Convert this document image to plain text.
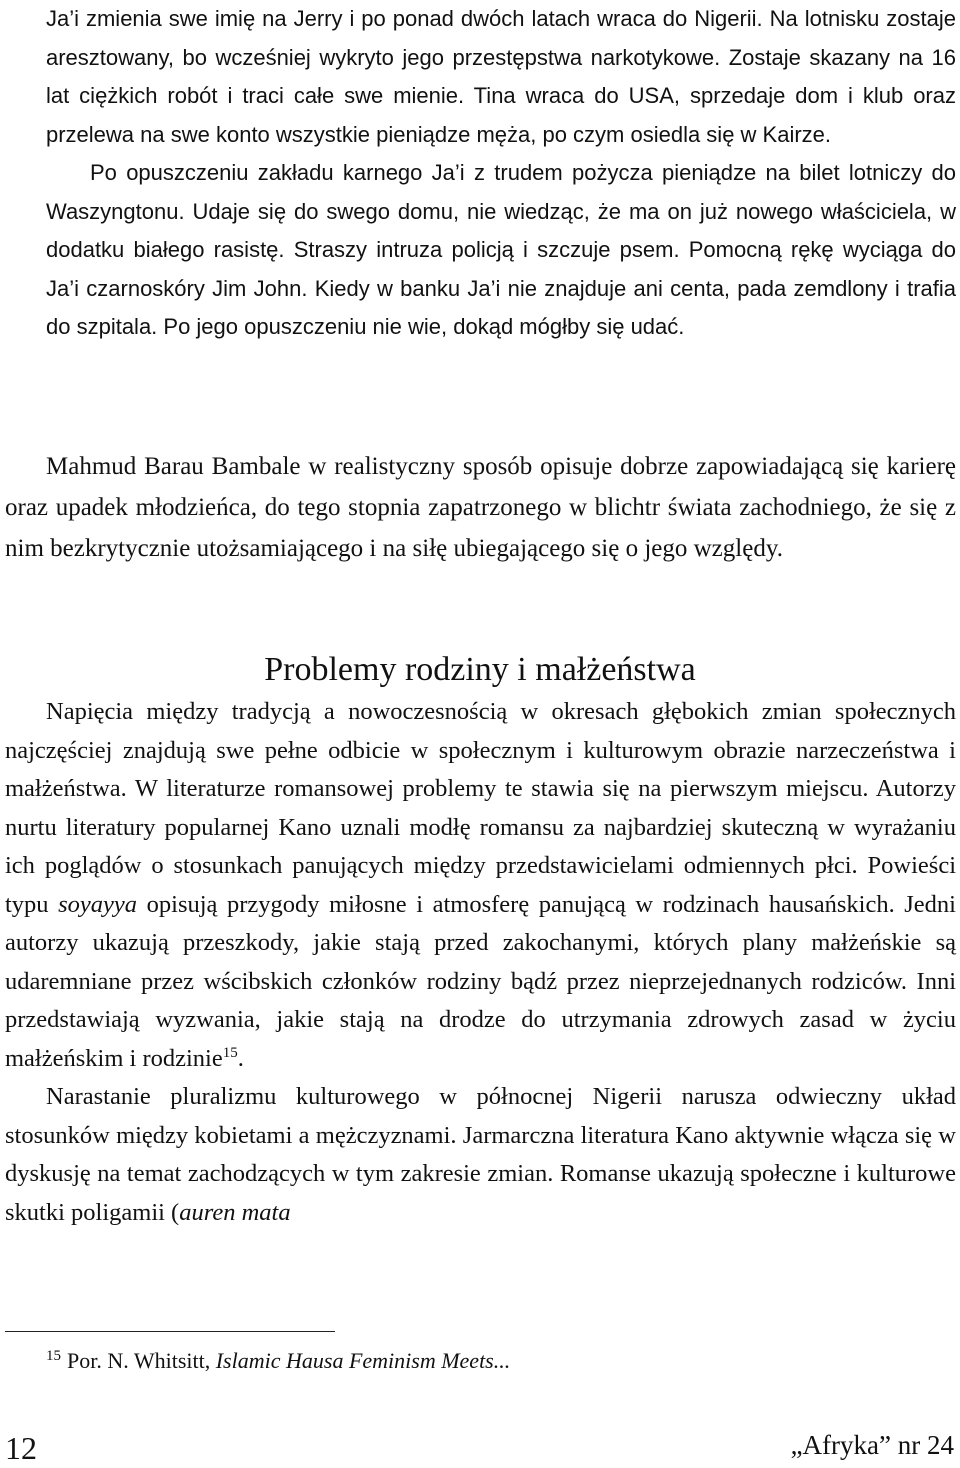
Ja’i zmienia swe imię na Jerry i po ponad dwóch latach wraca do Nigerii. Na lotnisku zostaje aresztowany, bo wcześniej wykryto jego przestępstwa narkotykowe. Zostaje skazany na 16 lat ciężkich robót i traci całe swe mienie. Tina wraca do USA, sprzedaje dom i klub oraz przelewa na swe konto wszystkie pieniądze męża, po czym osiedla się w Kairze.

Po opuszczeniu zakładu karnego Ja’i z trudem pożycza pieniądze na bilet lotniczy do Waszyngtonu. Udaje się do swego domu, nie wiedząc, że ma on już nowego właściciela, w dodatku białego rasistę. Straszy intruza policją i szczuje psem. Pomocną rękę wyciąga do Ja’i czarnoskóry Jim John. Kiedy w banku Ja’i nie znajduje ani centa, pada zemdlony i trafia do szpitala. Po jego opuszczeniu nie wie, dokąd mógłby się udać.

Mahmud Barau Bambale w realistyczny sposób opisuje dobrze zapowiadającą się karierę oraz upadek młodzieńca, do tego stopnia zapatrzonego w blichtr świata zachodniego, że się z nim bezkrytycznie utożsamiającego i na siłę ubiegającego się o jego względy.

Problemy rodziny i małżeństwa

Napięcia między tradycją a nowoczesnością w okresach głębokich zmian społecznych najczęściej znajdują swe pełne odbicie w społecznym i kulturowym obrazie narzeczeństwa i małżeństwa. W literaturze romansowej problemy te stawia się na pierwszym miejscu. Autorzy nurtu literatury popularnej Kano uznali modłę romansu za najbardziej skuteczną w wyrażaniu ich poglądów o stosunkach panujących między przedstawicielami odmiennych płci. Powieści typu soyayya opisują przygody miłosne i atmosferę panującą w rodzinach hausańskich. Jedni autorzy ukazują przeszkody, jakie stają przed zakochanymi, których plany małżeńskie są udaremniane przez wścibskich członków rodziny bądź przez nieprzejednanych rodziców. Inni przedstawiają wyzwania, jakie stają na drodze do utrzymania zdrowych zasad w życiu małżeńskim i rodzinie$^{15}$.

Narastanie pluralizmu kulturowego w północnej Nigerii narusza odwieczny układ stosunków między kobietami a mężczyznami. Jarmarczna literatura Kano aktywnie włącza się w dyskusję na temat zachodzących w tym zakresie zmian. Romanse ukazują społeczne i kulturowe skutki poligamii (auren mata

$^{15}$ Por. N. Whitsitt, Islamic Hausa Feminism Meets...
12	„Afryka” nr 24
